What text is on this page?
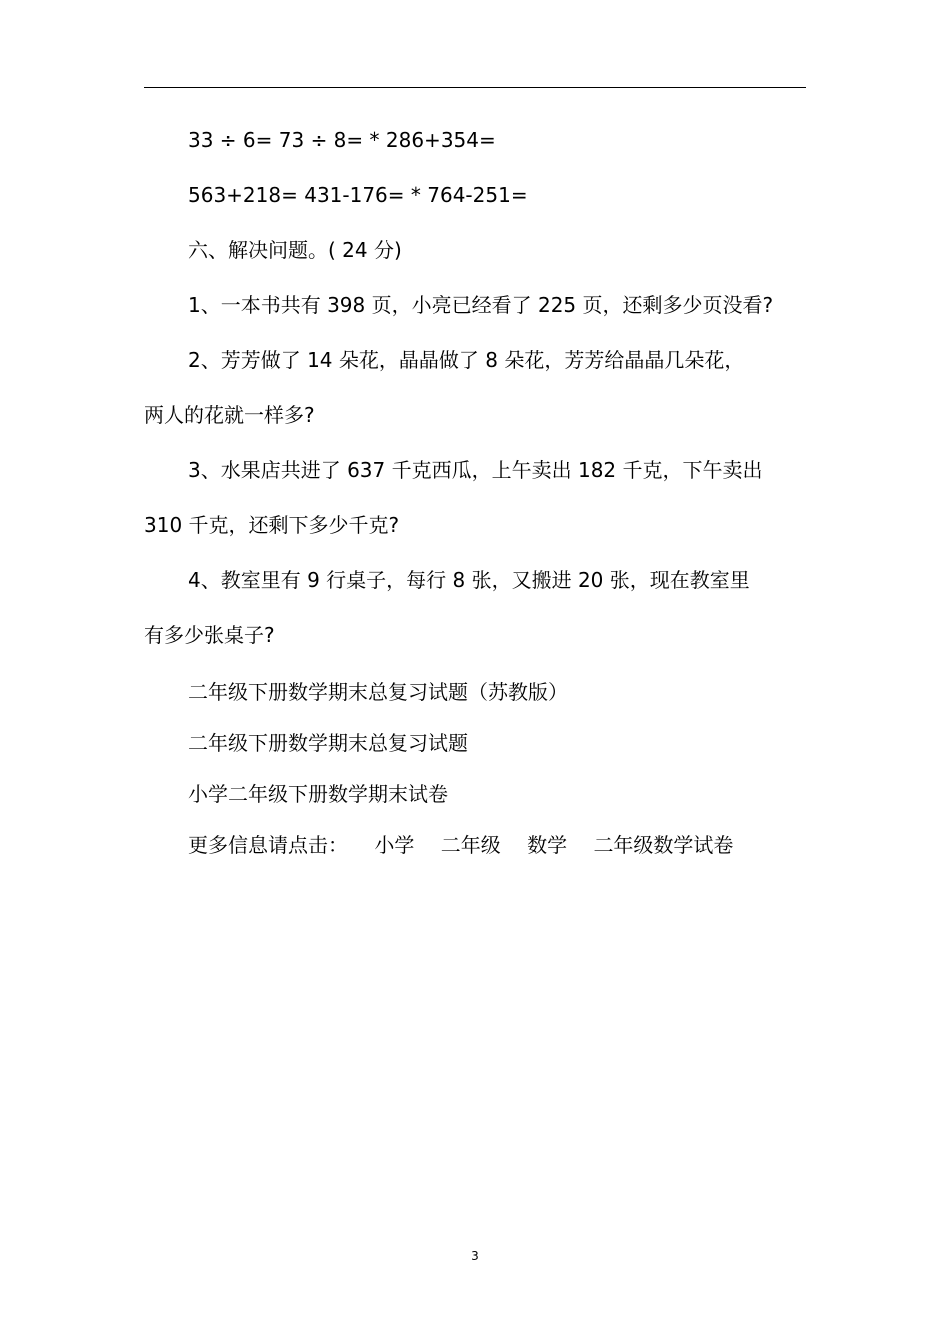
33 ÷ 6= 73 ÷ 8= * 286+354=
563+218= 431-176= * 764-251=
六、解决问题。( 24 分)
1、一本书共有 398 页，小亮已经看了 225 页，还剩多少页没看?
2、芳芳做了 14 朵花，晶晶做了 8 朵花，芳芳给晶晶几朵花，
两人的花就一样多?
3、水果店共进了 637 千克西瓜，上午卖出 182 千克，下午卖出
310 千克，还剩下多少千克?
4、教室里有 9 行桌子，每行 8 张，又搬进 20 张，现在教室里
有多少张桌子?
二年级下册数学期末总复习试题（苏教版）
二年级下册数学期末总复习试题
小学二年级下册数学期末试卷
更多信息请点击： 小学 二年级 数学 二年级数学试卷
3
